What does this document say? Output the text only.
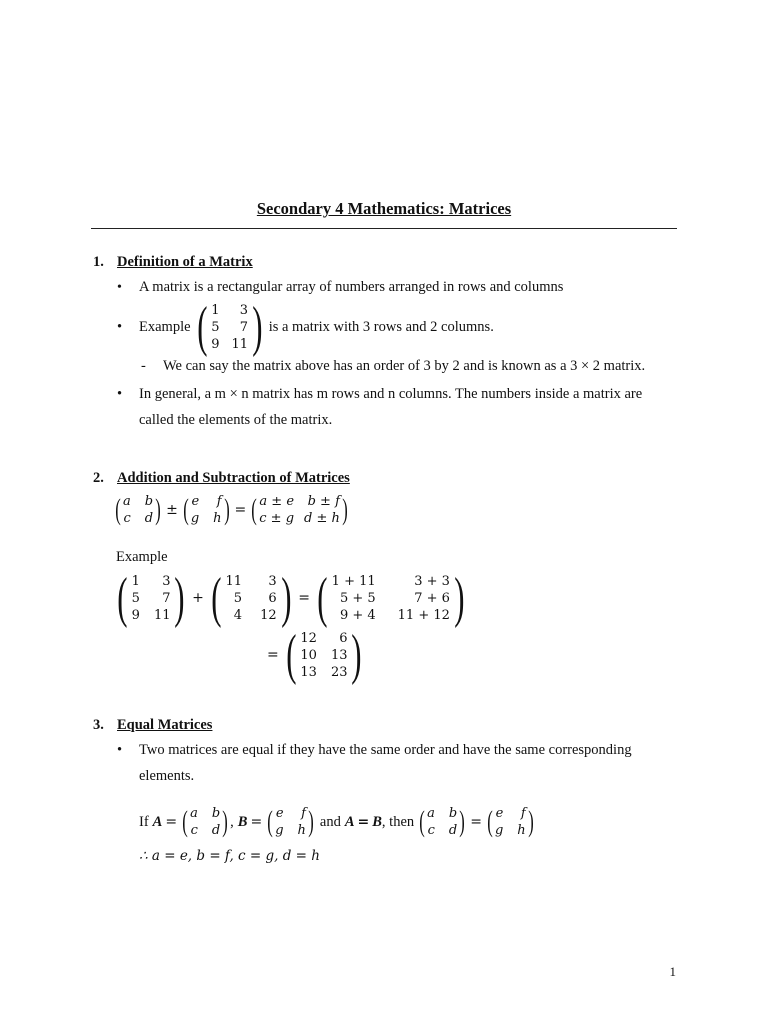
Secondary 4 Mathematics: Matrices
1. Definition of a Matrix
• A matrix is a rectangular array of numbers arranged in rows and columns
• Example ( 1	3
5	7
9 11 ) is a matrix with 3 rows and 2 columns.
- We can say the matrix above has an order of 3 by 2 and is known as a 3 × 2 matrix.
• In general, a m × n matrix has m rows and n columns. The numbers inside a matrix are
called the elements of the matrix.
2. Addition and Subtraction of Matrices
( a b
c d ) ± ( e f
g h ) = ( a ± e b ± f
c ± g d ± h )
Example
( 1	3
5	7
9 11 ) + ( 11	3
5	6
4 12 ) = ( 1 + 11	3 + 3
5 + 5	7 + 6
9 + 4 11 + 12 )
= ( 12	6
10 13
13 23 )
3. Equal Matrices
• Two matrices are equal if they have the same order and have the same corresponding
elements.
If A = ( a b
c d ) , B = ( e f
g h ) and A = B , then ( a b
c d ) = ( e f
g h )
∴ a = e, b = f, c = g, d = h
1
